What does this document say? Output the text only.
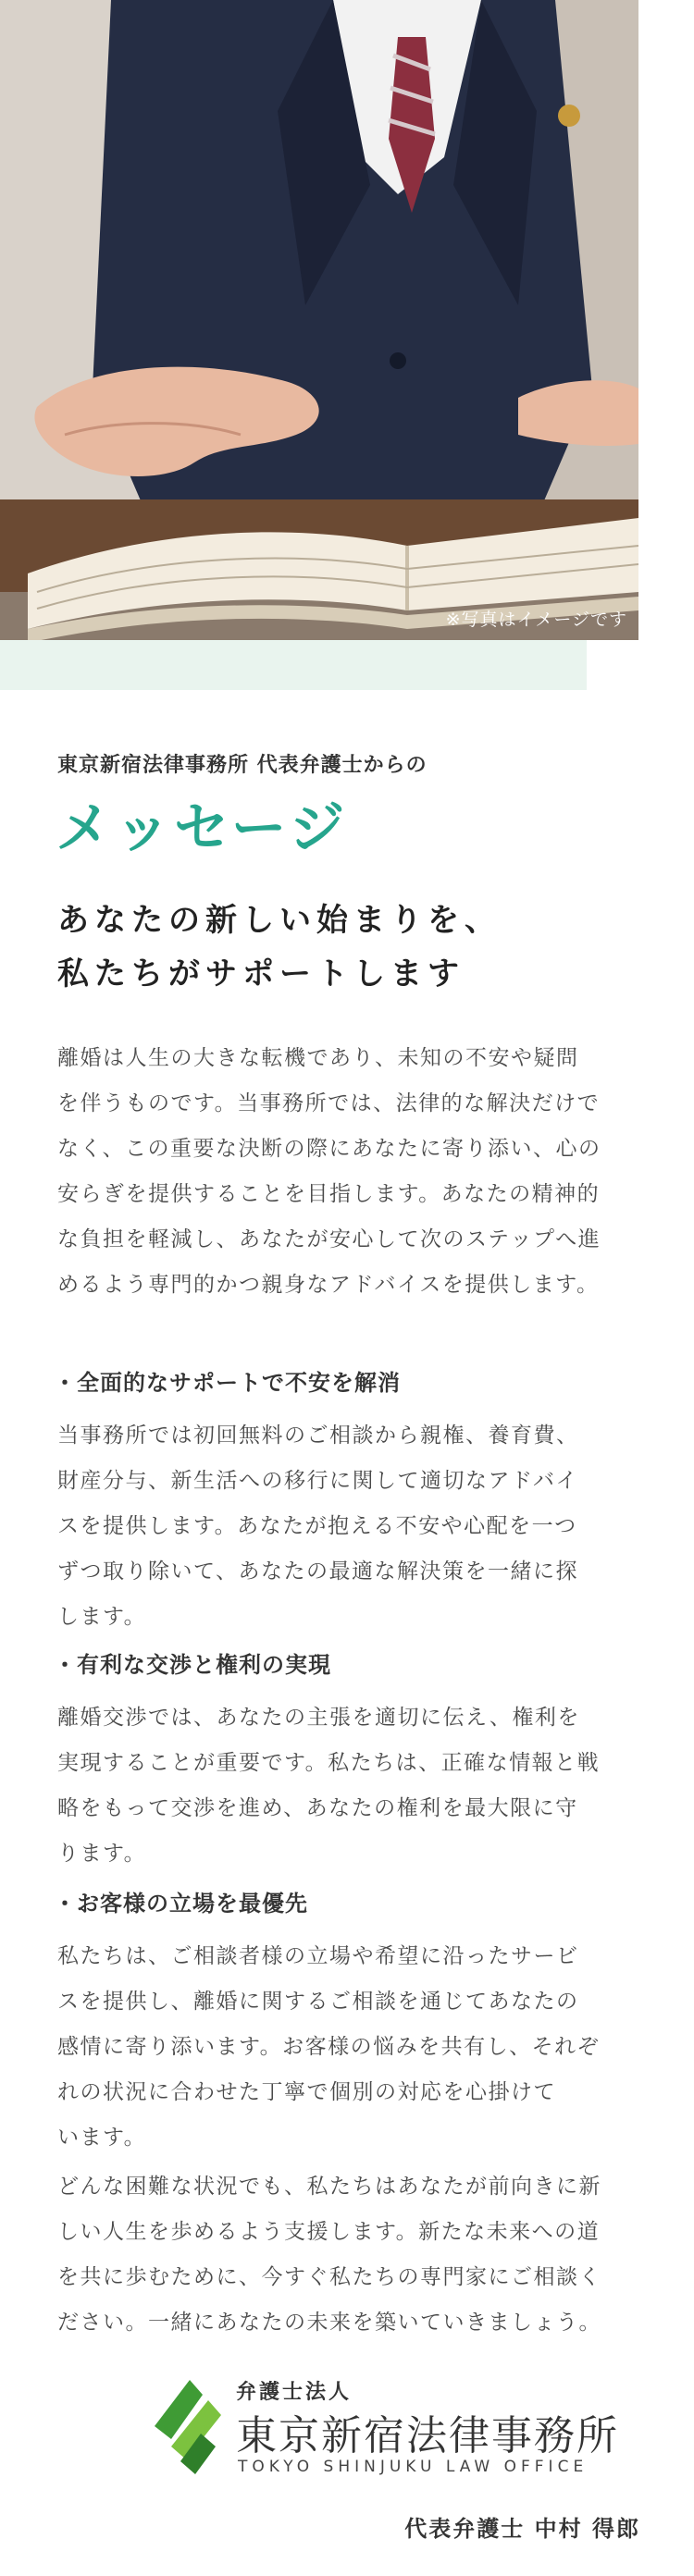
※写真はイメージです
東京新宿法律事務所 代表弁護士からの
メッセージ
あなたの新しい始まりを、
私たちがサポートします
離婚は人生の大きな転機であり、未知の不安や疑問
を伴うものです。当事務所では、法律的な解決だけで
なく、この重要な決断の際にあなたに寄り添い、心の
安らぎを提供することを目指します。あなたの精神的
な負担を軽減し、あなたが安心して次のステップへ進
めるよう専門的かつ親身なアドバイスを提供します。
・全面的なサポートで不安を解消
当事務所では初回無料のご相談から親権、養育費、
財産分与、新生活への移行に関して適切なアドバイ
スを提供します。あなたが抱える不安や心配を一つ
ずつ取り除いて、あなたの最適な解決策を一緒に探
します。
・有利な交渉と権利の実現
離婚交渉では、あなたの主張を適切に伝え、権利を
実現することが重要です。私たちは、正確な情報と戦
略をもって交渉を進め、あなたの権利を最大限に守
ります。
・お客様の立場を最優先
私たちは、ご相談者様の立場や希望に沿ったサービ
スを提供し、離婚に関するご相談を通じてあなたの
感情に寄り添います。お客様の悩みを共有し、それぞ
れの状況に合わせた丁寧で個別の対応を心掛けて
います。
どんな困難な状況でも、私たちはあなたが前向きに新
しい人生を歩めるよう支援します。新たな未来への道
を共に歩むために、今すぐ私たちの専門家にご相談く
ださい。一緒にあなたの未来を築いていきましょう。
弁護士法人
東京新宿法律事務所
TOKYO SHINJUKU LAW OFFICE
代表弁護士 中村 得郎
